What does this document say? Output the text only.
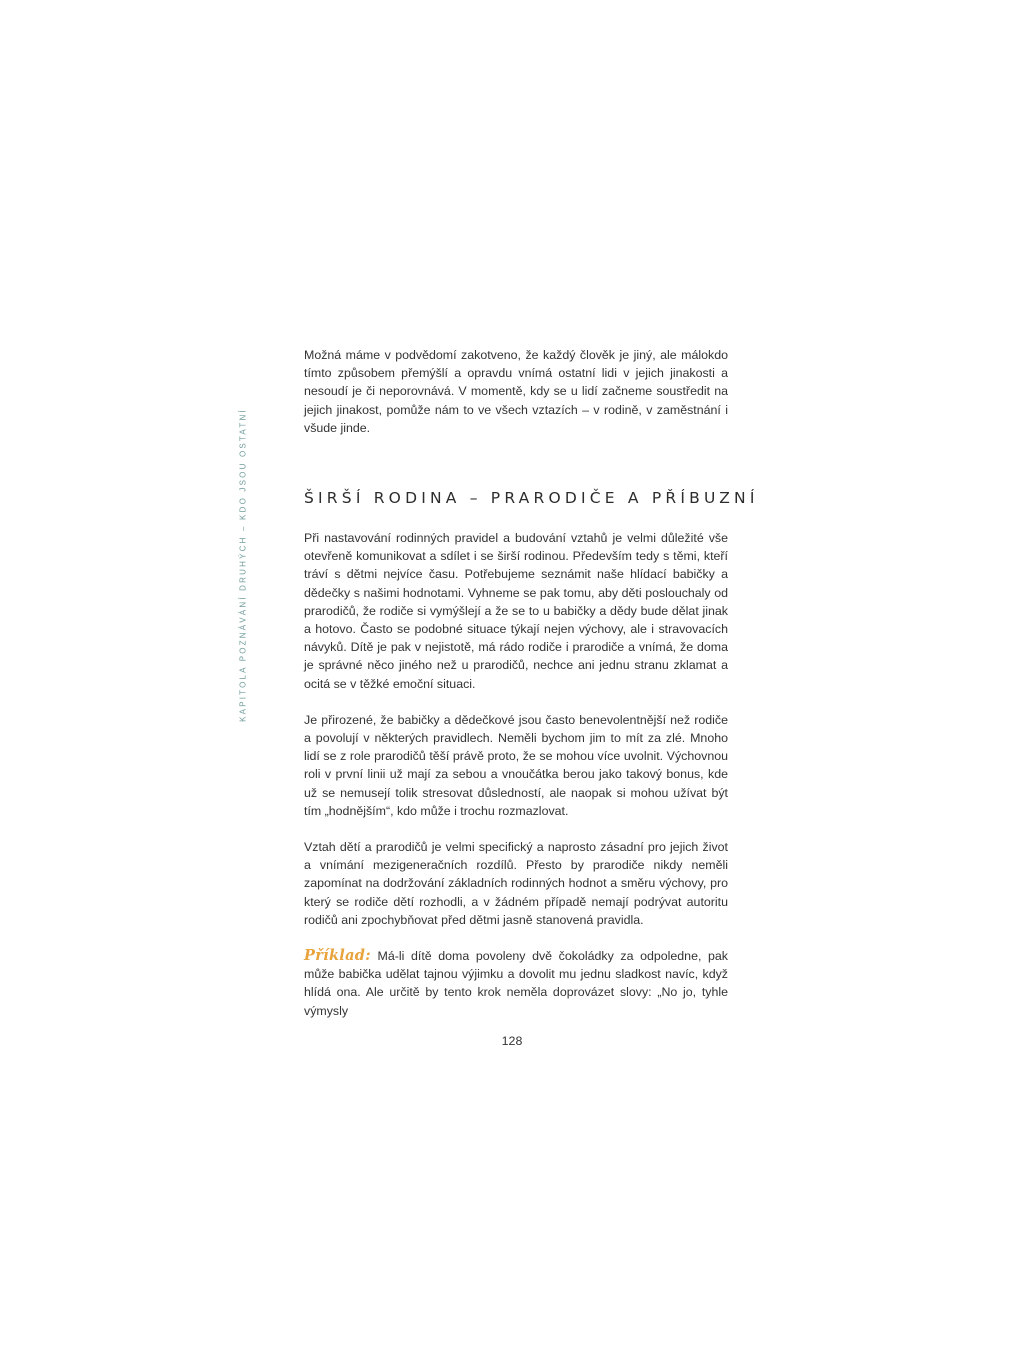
KAPITOLA POZNÁVÁNÍ DRUHÝCH – KDO JSOU OSTATNÍ

Možná máme v podvědomí zakotveno, že každý člověk je jiný, ale málokdo tímto způsobem přemýšlí a opravdu vnímá ostatní lidi v jejich jinakosti a nesoudí je či neporovnává. V momentě, kdy se u lidí začneme soustředit na jejich jinakost, pomůže nám to ve všech vztazích – v rodině, v zaměstnání i všude jinde.

ŠIRŠÍ RODINA – PRARODIČE A PŘÍBUZNÍ

Při nastavování rodinných pravidel a budování vztahů je velmi důležité vše otevřeně komunikovat a sdílet i se širší rodinou. Především tedy s těmi, kteří tráví s dětmi nejvíce času. Potřebujeme seznámit naše hlídací babičky a dědečky s našimi hodnotami. Vyhneme se pak tomu, aby děti poslouchaly od prarodičů, že rodiče si vymýšlejí a že se to u babičky a dědy bude dělat jinak a hotovo. Často se podobné situace týkají nejen výchovy, ale i stravovacích návyků. Dítě je pak v nejistotě, má rádo rodiče i prarodiče a vnímá, že doma je správné něco jiného než u prarodičů, nechce ani jednu stranu zklamat a ocitá se v těžké emoční situaci.

Je přirozené, že babičky a dědečkové jsou často benevolentnější než rodiče a povolují v některých pravidlech. Neměli bychom jim to mít za zlé. Mnoho lidí se z role prarodičů těší právě proto, že se mohou více uvolnit. Výchovnou roli v první linii už mají za sebou a vnoučátka berou jako takový bonus, kde už se nemusejí tolik stresovat důsledností, ale naopak si mohou užívat být tím „hodnějším“, kdo může i trochu rozmazlovat.

Vztah dětí a prarodičů je velmi specifický a naprosto zásadní pro jejich život a vnímání mezigeneračních rozdílů. Přesto by prarodiče nikdy neměli zapomínat na dodržování základních rodinných hodnot a směru výchovy, pro který se rodiče dětí rozhodli, a v žádném případě nemají podrývat autoritu rodičů ani zpochybňovat před dětmi jasně stanovená pravidla.

Příklad: Má-li dítě doma povoleny dvě čokoládky za odpoledne, pak může babička udělat tajnou výjimku a dovolit mu jednu sladkost navíc, když hlídá ona. Ale určitě by tento krok neměla doprovázet slovy: „No jo, tyhle výmysly

128
